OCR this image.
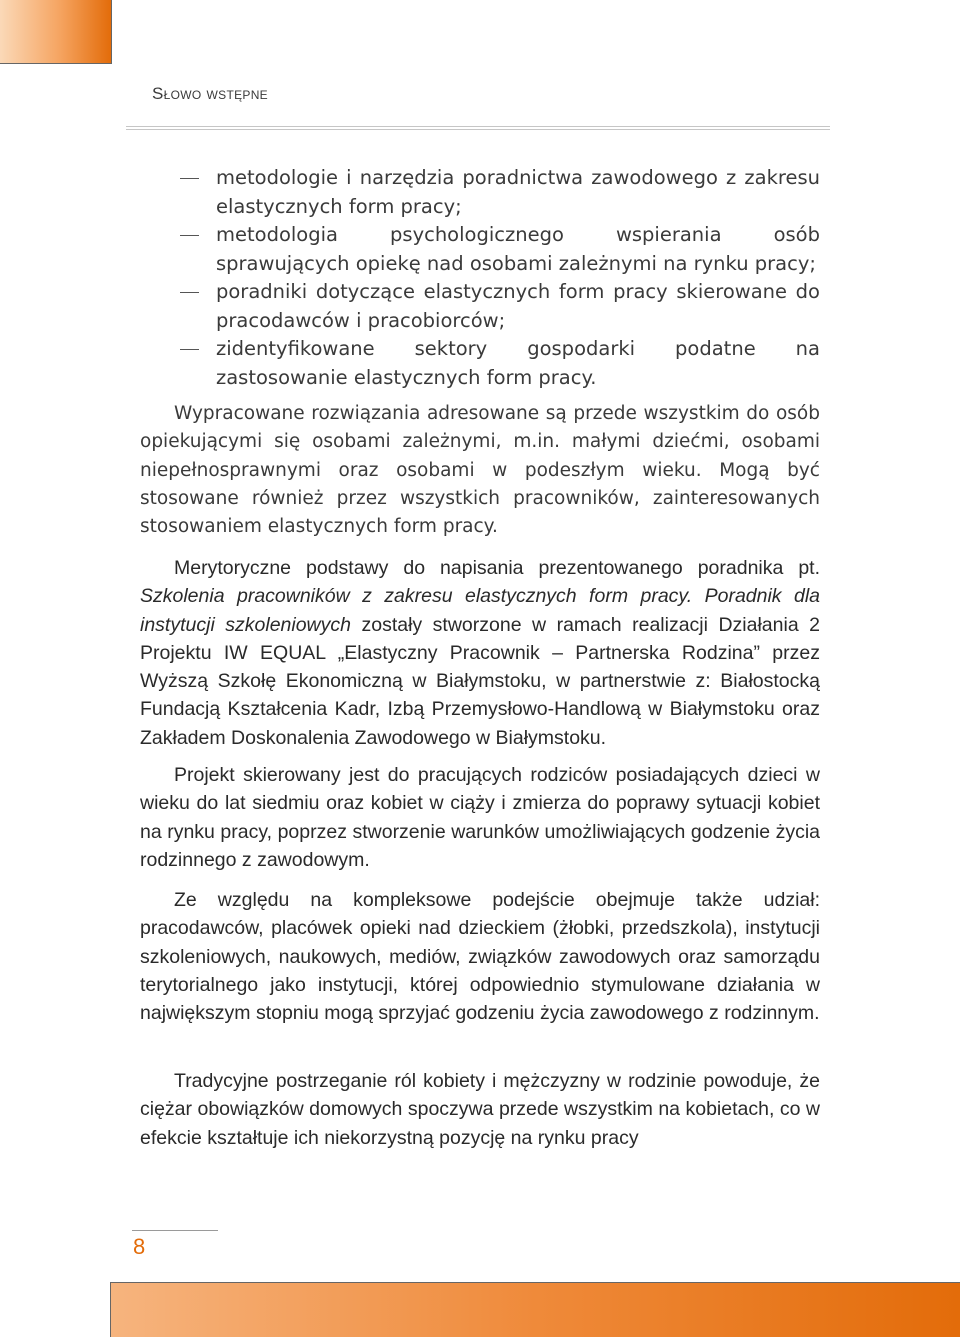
Słowo wstępne
metodologie i narzędzia poradnictwa zawodowego z zakresu elastycznych form pracy;
metodologia psychologicznego wspierania osób sprawujących opiekę nad osobami zależnymi na rynku pracy;
poradniki dotyczące elastycznych form pracy skierowane do pracodawców i pracobiorców;
zidentyfikowane sektory gospodarki podatne na zastosowanie elastycznych form pracy.

Wypracowane rozwiązania adresowane są przede wszystkim do osób opiekującymi się osobami zależnymi, m.in. małymi dziećmi, osobami niepełnosprawnymi oraz osobami w podeszłym wieku. Mogą być stosowane również przez wszystkich pracowników, zainteresowanych stosowaniem elastycznych form pracy.

Merytoryczne podstawy do napisania prezentowanego poradnika pt. Szkolenia pracowników z zakresu elastycznych form pracy. Poradnik dla instytucji szkoleniowych zostały stworzone w ramach realizacji Działania 2 Projektu IW EQUAL „Elastyczny Pracownik – Partnerska Rodzina” przez Wyższą Szkołę Ekonomiczną w Białymstoku, w partnerstwie z: Białostocką Fundacją Kształcenia Kadr, Izbą Przemysłowo-Handlową w Białymstoku oraz Zakładem Doskonalenia Zawodowego w Białymstoku.

Projekt skierowany jest do pracujących rodziców posiadających dzieci w wieku do lat siedmiu oraz kobiet w ciąży i zmierza do poprawy sytuacji kobiet na rynku pracy, poprzez stworzenie warunków umożliwiających godzenie życia rodzinnego z zawodowym.

Ze względu na kompleksowe podejście obejmuje także udział: pracodawców, placówek opieki nad dzieckiem (żłobki, przedszkola), instytucji szkoleniowych, naukowych, mediów, związków zawodowych oraz samorządu terytorialnego jako instytucji, której odpowiednio stymulowane działania w największym stopniu mogą sprzyjać godzeniu życia zawodowego z rodzinnym.

Tradycyjne postrzeganie ról kobiety i mężczyzny w rodzinie powoduje, że ciężar obowiązków domowych spoczywa przede wszystkim na kobietach, co w efekcie kształtuje ich niekorzystną pozycję na rynku pracy

8
